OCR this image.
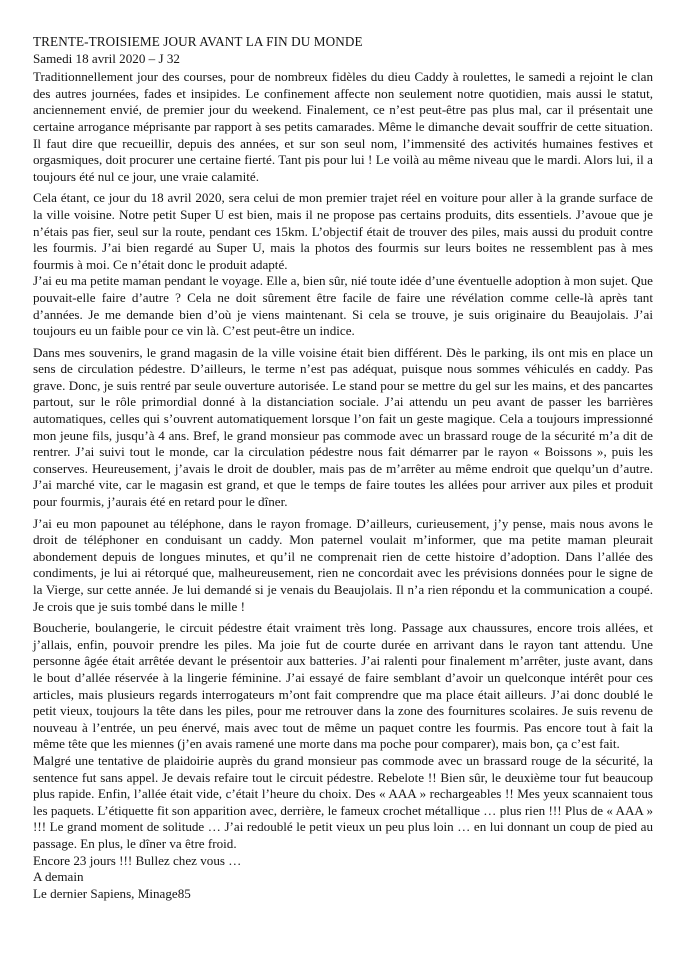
TRENTE-TROISIEME JOUR AVANT LA FIN DU MONDE

Samedi 18 avril 2020 – J 32

Traditionnellement jour des courses, pour de nombreux fidèles du dieu Caddy à roulettes, le samedi a rejoint le clan des autres journées, fades et insipides. Le confinement affecte non seulement notre quotidien, mais aussi le statut, anciennement envié, de premier jour du weekend. Finalement, ce n’est peut-être pas plus mal, car il présentait une certaine arrogance méprisante par rapport à ses petits camarades. Même le dimanche devait souffrir de cette situation. Il faut dire que recueillir, depuis des années, et sur son seul nom, l’immensité des activités humaines festives et orgasmiques, doit procurer une certaine fierté. Tant pis pour lui ! Le voilà au même niveau que le mardi. Alors lui, il a toujours été nul ce jour, une vraie calamité.

Cela étant, ce jour du 18 avril 2020, sera celui de mon premier trajet réel en voiture pour aller à la grande surface de la ville voisine. Notre petit Super U est bien, mais il ne propose pas certains produits, dits essentiels. J’avoue que je n’étais pas fier, seul sur la route, pendant ces 15km. L’objectif était de trouver des piles, mais aussi du produit contre les fourmis. J’ai bien regardé au Super U, mais la photos des fourmis sur leurs boites ne ressemblent pas à mes fourmis à moi. Ce n’était donc le produit adapté.

J’ai eu ma petite maman pendant le voyage. Elle a, bien sûr, nié toute idée d’une éventuelle adoption à mon sujet. Que pouvait-elle faire d’autre ? Cela ne doit sûrement être facile de faire une révélation comme celle-là après tant d’années. Je me demande bien d’où je viens maintenant. Si cela se trouve, je suis originaire du Beaujolais. J’ai toujours eu un faible pour ce vin là. C’est peut-être un indice.

Dans mes souvenirs, le grand magasin de la ville voisine était bien différent. Dès le parking, ils ont mis en place un sens de circulation pédestre. D’ailleurs, le terme n’est pas adéquat, puisque nous sommes véhiculés en caddy. Pas grave. Donc, je suis rentré par seule ouverture autorisée. Le stand pour se mettre du gel sur les mains, et des pancartes partout, sur le rôle primordial donné à la distanciation sociale. J’ai attendu un peu avant de passer les barrières automatiques, celles qui s’ouvrent automatiquement lorsque l’on fait un geste magique. Cela a toujours impressionné mon jeune fils, jusqu’à 4 ans. Bref, le grand monsieur pas commode avec un brassard rouge de la sécurité m’a dit de rentrer. J’ai suivi tout le monde, car la circulation pédestre nous fait démarrer par le rayon « Boissons », puis les conserves. Heureusement, j’avais le droit de doubler, mais pas de m’arrêter au même endroit que quelqu’un d’autre. J’ai marché vite, car le magasin est grand, et que le temps de faire toutes les allées pour arriver aux piles et produit pour fourmis, j’aurais été en retard pour le dîner.

J’ai eu mon papounet au téléphone, dans le rayon fromage. D’ailleurs, curieusement, j’y pense, mais nous avons le droit de téléphoner en conduisant un caddy. Mon paternel voulait m’informer, que ma petite maman pleurait abondement depuis de longues minutes, et qu’il ne comprenait rien de cette histoire d’adoption. Dans l’allée des condiments, je lui ai rétorqué que, malheureusement, rien ne concordait avec les prévisions données pour le signe de la Vierge, sur cette année. Je lui demandé si je venais du Beaujolais. Il n’a rien répondu et la communication a coupé. Je crois que je suis tombé dans le mille !

Boucherie, boulangerie, le circuit pédestre était vraiment très long. Passage aux chaussures, encore trois allées, et j’allais, enfin, pouvoir prendre les piles. Ma joie fut de courte durée en arrivant dans le rayon tant attendu. Une personne âgée était arrêtée devant le présentoir aux batteries. J’ai ralenti pour finalement m’arrêter, juste avant, dans le bout d’allée réservée à la lingerie féminine. J’ai essayé de faire semblant d’avoir un quelconque intérêt pour ces articles, mais plusieurs regards interrogateurs m’ont fait comprendre que ma place était ailleurs. J’ai donc doublé le petit vieux, toujours la tête dans les piles, pour me retrouver dans la zone des fournitures scolaires. Je suis revenu de nouveau à l’entrée, un peu énervé, mais avec tout de même un paquet contre les fourmis. Pas encore tout à fait la même tête que les miennes (j’en avais ramené une morte dans ma poche pour comparer), mais bon, ça c’est fait.

Malgré une tentative de plaidoirie auprès du grand monsieur pas commode avec un brassard rouge de la sécurité, la sentence fut sans appel. Je devais refaire tout le circuit pédestre. Rebelote !! Bien sûr, le deuxième tour fut beaucoup plus rapide. Enfin, l’allée était vide, c’était l’heure du choix. Des « AAA » rechargeables !! Mes yeux scannaient tous les paquets. L’étiquette fit son apparition avec, derrière, le fameux crochet métallique … plus rien !!! Plus de « AAA » !!! Le grand moment de solitude … J’ai redoublé le petit vieux un peu plus loin … en lui donnant un coup de pied au passage. En plus, le dîner va être froid.

Encore 23 jours !!! Bullez chez vous …

A demain

Le dernier Sapiens, Minage85
